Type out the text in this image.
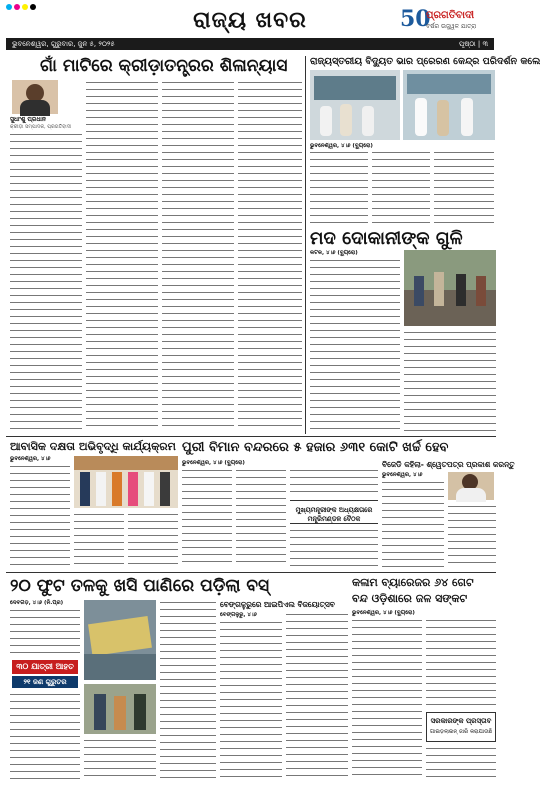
ରାଜ୍ୟ ଖବର	50
ପ୍ରଗତିବାଦୀ
ବର୍ଷର ଉଜ୍ଜ୍ୱଳ ଯାତ୍ରା
ଭୁବନେଶ୍ୱର, ଗୁରୁବାର, ଜୁନ ୫, ୨୦୨୫	ପୃଷ୍ଠା | ୩
ଗାଁ ମାଟିରେ କ୍ରୀଡ଼ାତନ୍ତ୍ରର ଶିଳାନ୍ୟାସ
ସୁଧାଂଶୁ ପ୍ରଧାନ
କ୍ରୀଡ଼ା ସମ୍ପାଦକ, ପ୍ରଗତିବାଦୀ
ରାଜ୍ୟସ୍ତରୀୟ ବିଦ୍ୟୁତ ଭାର ପ୍ରେରଣ କେନ୍ଦ୍ର ପରିଦର୍ଶନ କଲେ
ଭୁବନେଶ୍ୱର, ୪।୬ (ବ୍ୟୁରୋ)
ମଦ ଦୋକାନୀଙ୍କ ଗୁଳି
କଟକ, ୪।୬ (ବ୍ୟୁରୋ)
ଆବାସିକ ଦକ୍ଷତା ଅଭିବୃଦ୍ଧି କାର୍ଯ୍ୟକ୍ରମ
ଭୁବନେଶ୍ୱର, ୪।୬
ପୁରୀ ବିମାନ ବନ୍ଦରରେ ୫ ହଜାର ୬୩୧ କୋଟି ଖର୍ଚ୍ଚ ହେବ
ଭୁବନେଶ୍ୱର, ୪।୬ (ବ୍ୟୁରୋ)
ମୁଖ୍ୟମନ୍ତ୍ରୀଙ୍କ ଅଧ୍ୟକ୍ଷତାରେ ମନ୍ତ୍ରିମଣ୍ଡଳ ବୈଠକ
ବିଜେଡି କହିଲା- ଶ୍ୱେତପତ୍ର ପ୍ରକାଶ କରନ୍ତୁ
ଭୁବନେଶ୍ୱର, ୪।୬
୨୦ ଫୁଟ ତଳକୁ ଖସି ପାଣିରେ ପଡ଼ିଲା ବସ୍
ଦେବଗଡ଼, ୪।୬ (ନି.ପ୍ର)
୩୦ ଯାତ୍ରୀ ଆହତ
୨୧ ଜଣ ଗୁରୁତର
ବେଙ୍ଗଳୁରୁରେ ଆଇପିଏଲ ବିଜୟୋତ୍ସବ
ବେଙ୍ଗଳୁରୁ, ୪।୬
କଳାମ ବ୍ୟାରେଜର ୬୪ ଗେଟ
ବନ୍ଦ ଓଡ଼ିଶାରେ ଜଳ ସଙ୍କଟ
ଭୁବନେଶ୍ୱର, ୪।୬ (ବ୍ୟୁରୋ)
ସରକାରଙ୍କ ପ୍ରସ୍ତାବ
ଗାଇଡ଼ଲାଇନ୍ ଜାରି କରାଯାଉଛି
